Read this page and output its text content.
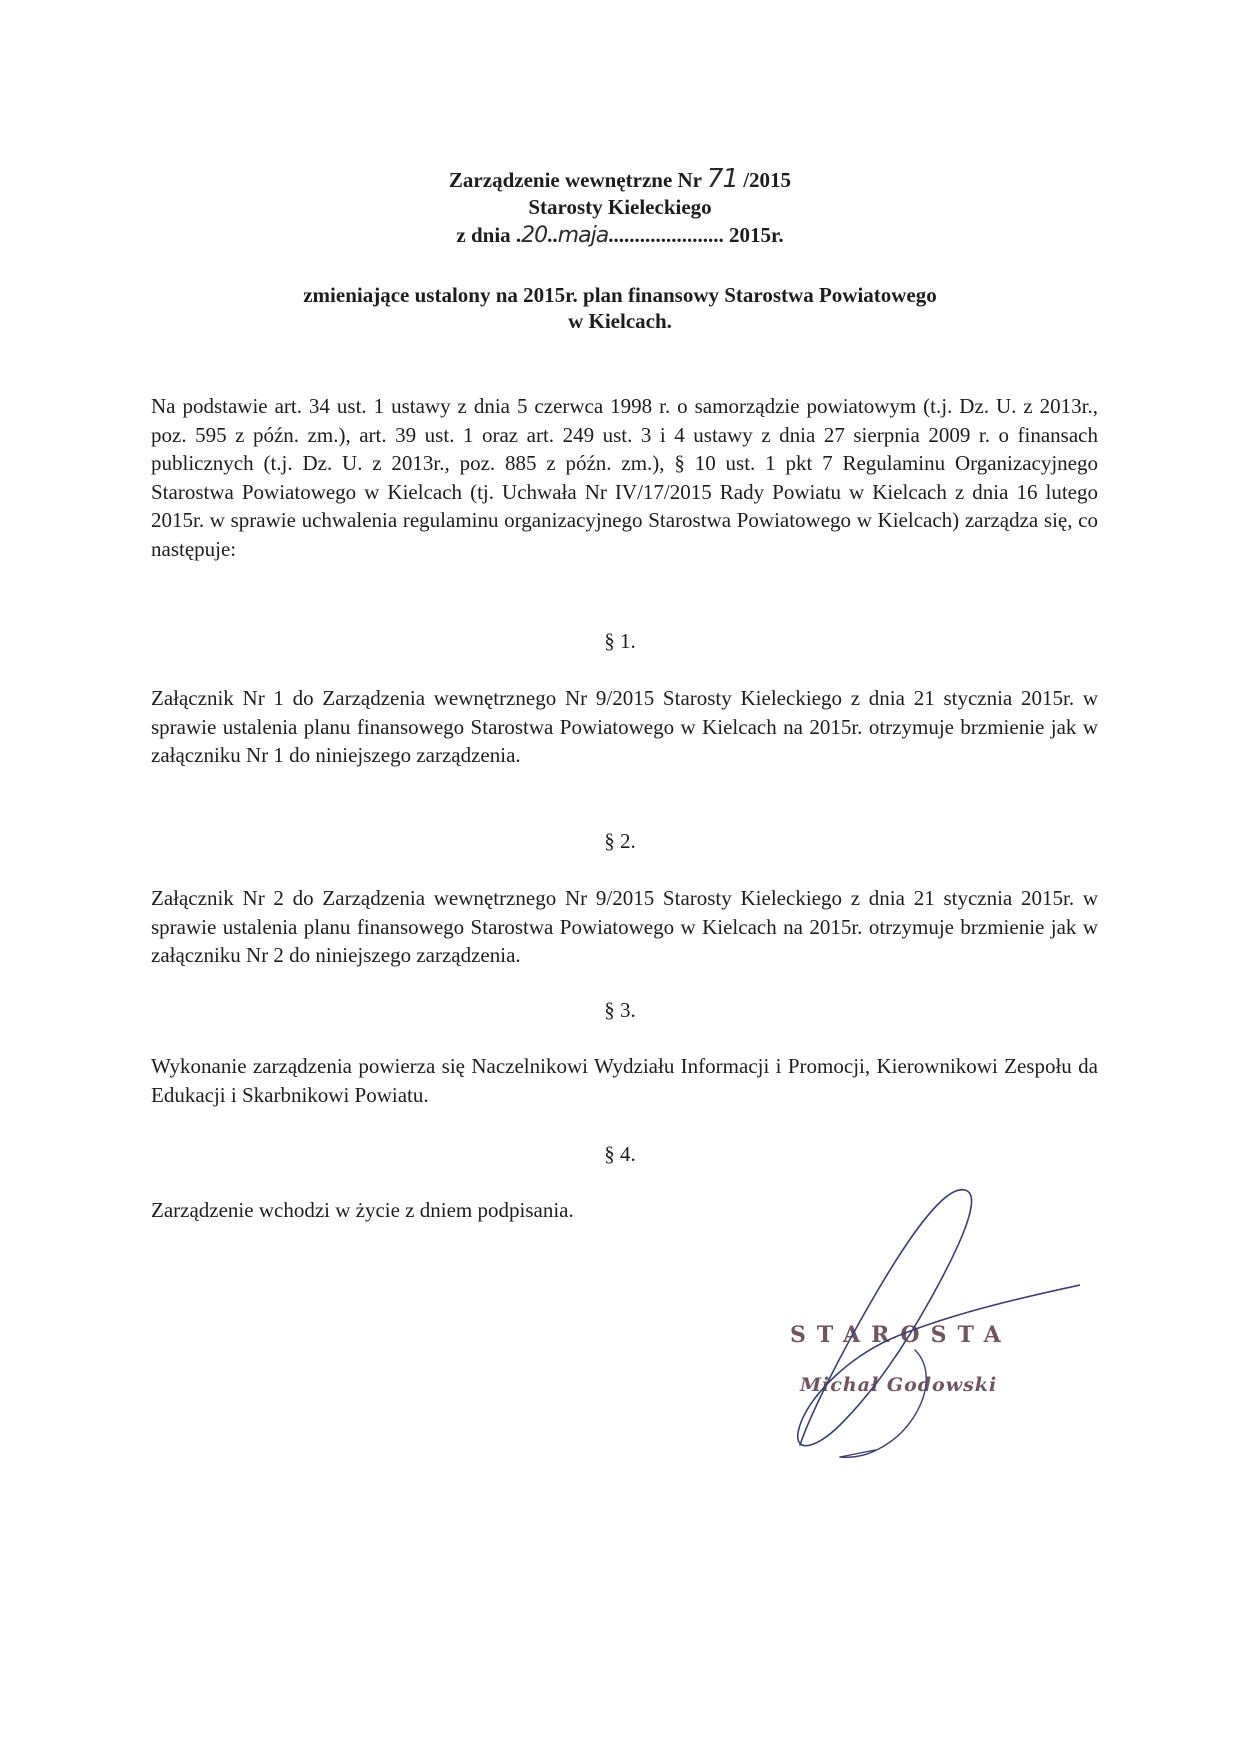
Zarządzenie wewnętrzne Nr 71 /2015
Starosty Kieleckiego
z dnia .20..maja...................... 2015r.
zmieniające ustalony na 2015r. plan finansowy Starostwa Powiatowego
w Kielcach.
Na podstawie art. 34 ust. 1 ustawy z dnia 5 czerwca 1998 r. o samorządzie powiatowym (t.j. Dz. U. z 2013r., poz. 595 z późn. zm.), art. 39 ust. 1 oraz art. 249 ust. 3 i 4 ustawy z dnia 27 sierpnia 2009 r. o finansach publicznych (t.j. Dz. U. z 2013r., poz. 885 z późn. zm.), § 10 ust. 1 pkt 7 Regulaminu Organizacyjnego Starostwa Powiatowego w Kielcach (tj. Uchwała Nr IV/17/2015 Rady Powiatu w Kielcach z dnia 16 lutego 2015r. w sprawie uchwalenia regulaminu organizacyjnego Starostwa Powiatowego w Kielcach) zarządza się, co następuje:
§ 1.
Załącznik Nr 1 do Zarządzenia wewnętrznego Nr 9/2015 Starosty Kieleckiego z dnia 21 stycznia 2015r. w sprawie ustalenia planu finansowego Starostwa Powiatowego w Kielcach na 2015r. otrzymuje brzmienie jak w załączniku Nr 1 do niniejszego zarządzenia.
§ 2.
Załącznik Nr 2 do Zarządzenia wewnętrznego Nr 9/2015 Starosty Kieleckiego z dnia 21 stycznia 2015r. w sprawie ustalenia planu finansowego Starostwa Powiatowego w Kielcach na 2015r. otrzymuje brzmienie jak w załączniku Nr 2 do niniejszego zarządzenia.
§ 3.
Wykonanie zarządzenia powierza się Naczelnikowi Wydziału Informacji i Promocji, Kierownikowi Zespołu da Edukacji i Skarbnikowi Powiatu.
§ 4.
Zarządzenie wchodzi w życie z dniem podpisania.
STAROSTA
Michał Godowski
